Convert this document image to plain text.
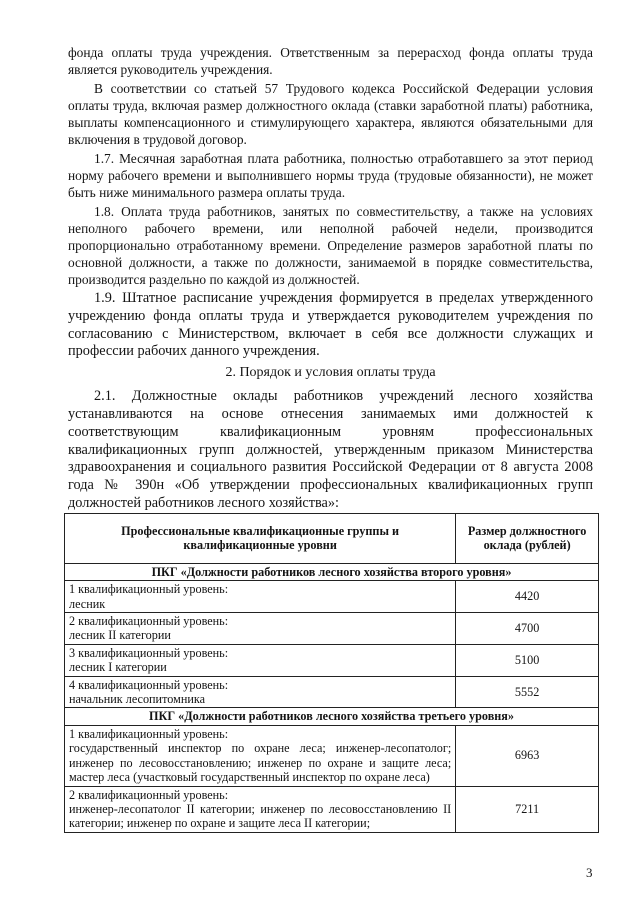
фонда оплаты труда учреждения. Ответственным за перерасход фонда оплаты труда является руководитель учреждения.

В соответствии со статьей 57 Трудового кодекса Российской Федерации условия оплаты труда, включая размер должностного оклада (ставки заработной платы) работника, выплаты компенсационного и стимулирующего характера, являются обязательными для включения в трудовой договор.

1.7. Месячная заработная плата работника, полностью отработавшего за этот период норму рабочего времени и выполнившего нормы труда (трудовые обязанности), не может быть ниже минимального размера оплаты труда.

1.8. Оплата труда работников, занятых по совместительству, а также на условиях неполного рабочего времени, или неполной рабочей недели, производится пропорционально отработанному времени. Определение размеров заработной платы по основной должности, а также по должности, занимаемой в порядке совместительства, производится раздельно по каждой из должностей.

1.9. Штатное расписание учреждения формируется в пределах утвержденного учреждению фонда оплаты труда и утверждается руководителем учреждения по согласованию с Министерством, включает в себя все должности служащих и профессии рабочих данного учреждения.

2. Порядок и условия оплаты труда

2.1. Должностные оклады работников учреждений лесного хозяйства устанавливаются на основе отнесения занимаемых ими должностей к соответствующим квалификационным уровням профессиональных квалификационных групп должностей, утвержденным приказом Министерства здравоохранения и социального развития Российской Федерации от 8 августа 2008 года № 390н «Об утверждении профессиональных квалификационных групп должностей работников лесного хозяйства»:

Профессиональные квалификационные группы и квалификационные уровни	Размер должностного оклада (рублей)
ПКГ «Должности работников лесного хозяйства второго уровня»	

1 квалификационный уровень:
лесник	4420

2 квалификационный уровень:
лесник II категории	4700

3 квалификационный уровень:
лесник I категории	5100

4 квалификационный уровень:
начальник лесопитомника	5552
ПКГ «Должности работников лесного хозяйства третьего уровня»	

1 квалификационный уровень:
государственный инспектор по охране леса; инженер-лесопатолог; инженер по лесовосстановлению; инженер по охране и защите леса; мастер леса (участковый государственный инспектор по охране леса)	6963

2 квалификационный уровень:
инженер-лесопатолог II категории; инженер по лесовосстановлению II категории; инженер по охране и защите леса II категории;	7211
3
